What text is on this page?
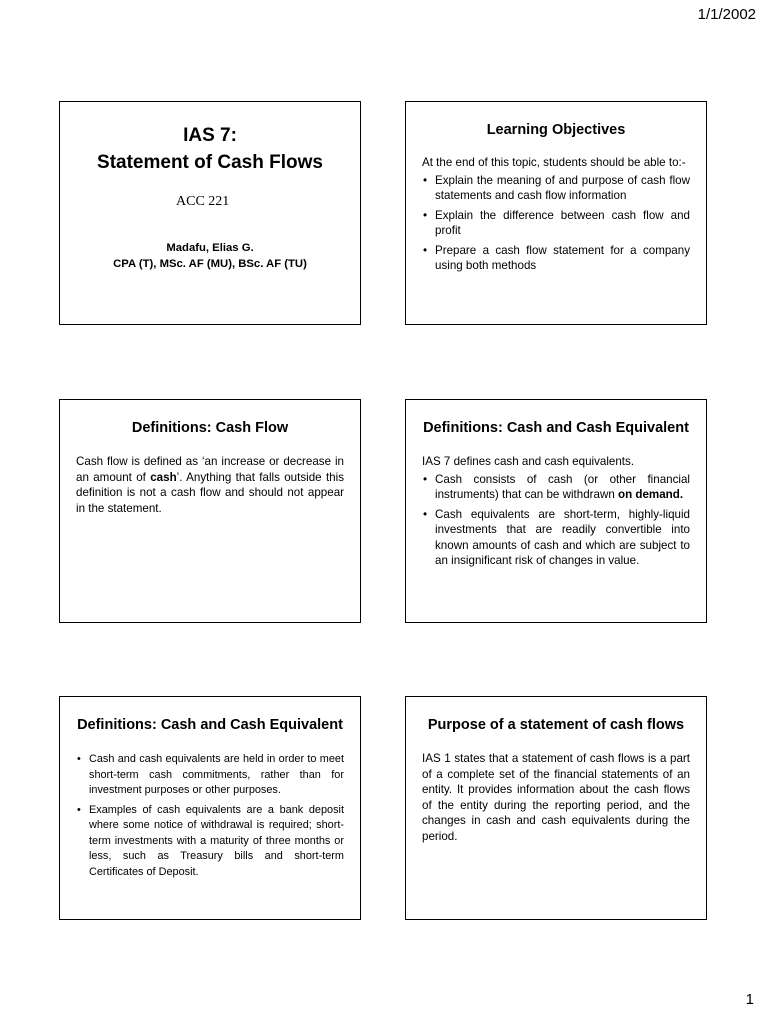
1/1/2002
IAS 7:
Statement of Cash Flows
ACC 221
Madafu, Elias G.
CPA (T), MSc. AF (MU), BSc. AF (TU)
Learning Objectives

At the end of this topic, students should be able to:-

• Explain the meaning of and purpose of cash flow statements and cash flow information
• Explain the difference between cash flow and profit
• Prepare a cash flow statement for a company using both methods
Definitions: Cash Flow

Cash flow is defined as ‘an increase or decrease in an amount of cash’. Anything that falls outside this definition is not a cash flow and should not appear in the statement.

Definitions: Cash and Cash Equivalent

IAS 7 defines cash and cash equivalents.

• Cash consists of cash (or other financial instruments) that can be withdrawn on demand.
• Cash equivalents are short-term, highly-liquid investments that are readily convertible into known amounts of cash and which are subject to an insignificant risk of changes in value.
Definitions: Cash and Cash Equivalent
• Cash and cash equivalents are held in order to meet short-term cash commitments, rather than for investment purposes or other purposes.
• Examples of cash equivalents are a bank deposit where some notice of withdrawal is required; short-term investments with a maturity of three months or less, such as Treasury bills and short-term Certificates of Deposit.
Purpose of a statement of cash flows

IAS 1 states that a statement of cash flows is a part of a complete set of the financial statements of an entity. It provides information about the cash flows of the entity during the reporting period, and the changes in cash and cash equivalents during the period.

1
